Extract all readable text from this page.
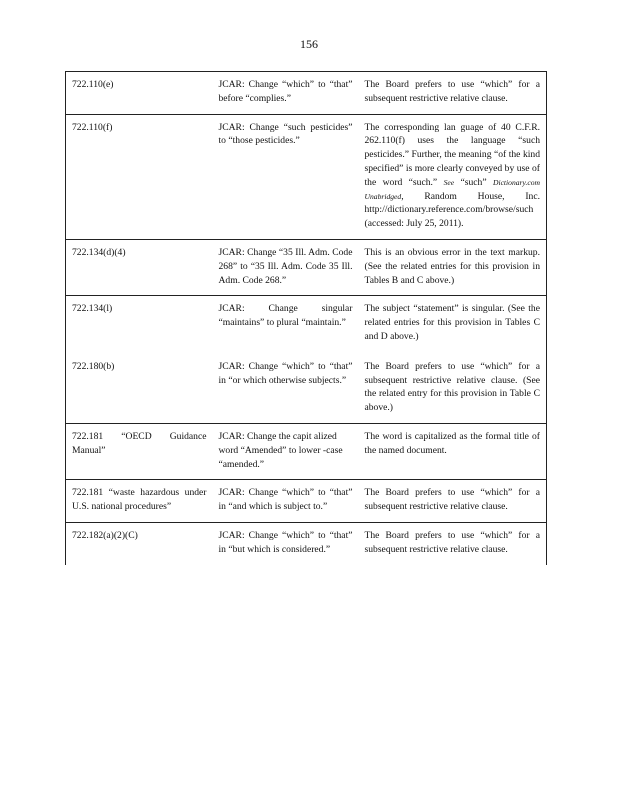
156
722.110(e)	JCAR: Change “which” to “that” before “complies.”	The Board prefers to use “which” for a subsequent restrictive relative clause.
722.110(f)	JCAR: Change “such pesticides” to “those pesticides.”	The corresponding lan guage of 40 C.F.R. 262.110(f) uses the language “such pesticides.” Further, the meaning “of the kind specified” is more clearly conveyed by use of the word “such.” See “such” Dictionary.com Unabridged, Random House, Inc. http://dictionary.reference.com/browse/such (accessed: July 25, 2011).
722.134(d)(4)	JCAR: Change “35 Ill. Adm. Code 268” to “35 Ill. Adm. Code 35 Ill. Adm. Code 268.”	This is an obvious error in the text markup. (See the related entries for this provision in Tables B and C above.)
722.134(l)	JCAR: Change singular “maintains” to plural “maintain.”	The subject “statement” is singular. (See the related entries for this provision in Tables C and D above.)
722.180(b)	JCAR: Change “which” to “that” in “or which otherwise subjects.”	The Board prefers to use “which” for a subsequent restrictive relative clause. (See the related entry for this provision in Table C above.)
722.181 “OECD Guidance Manual”	JCAR: Change the capit alized word “Amended” to lower -case “amended.”	The word is capitalized as the formal title of the named document.
722.181 “waste hazardous under U.S. national procedures”	JCAR: Change “which” to “that” in “and which is subject to.”	The Board prefers to use “which” for a subsequent restrictive relative clause.
722.182(a)(2)(C)	JCAR: Change “which” to “that” in “but which is considered.”	The Board prefers to use “which” for a subsequent restrictive relative clause.
